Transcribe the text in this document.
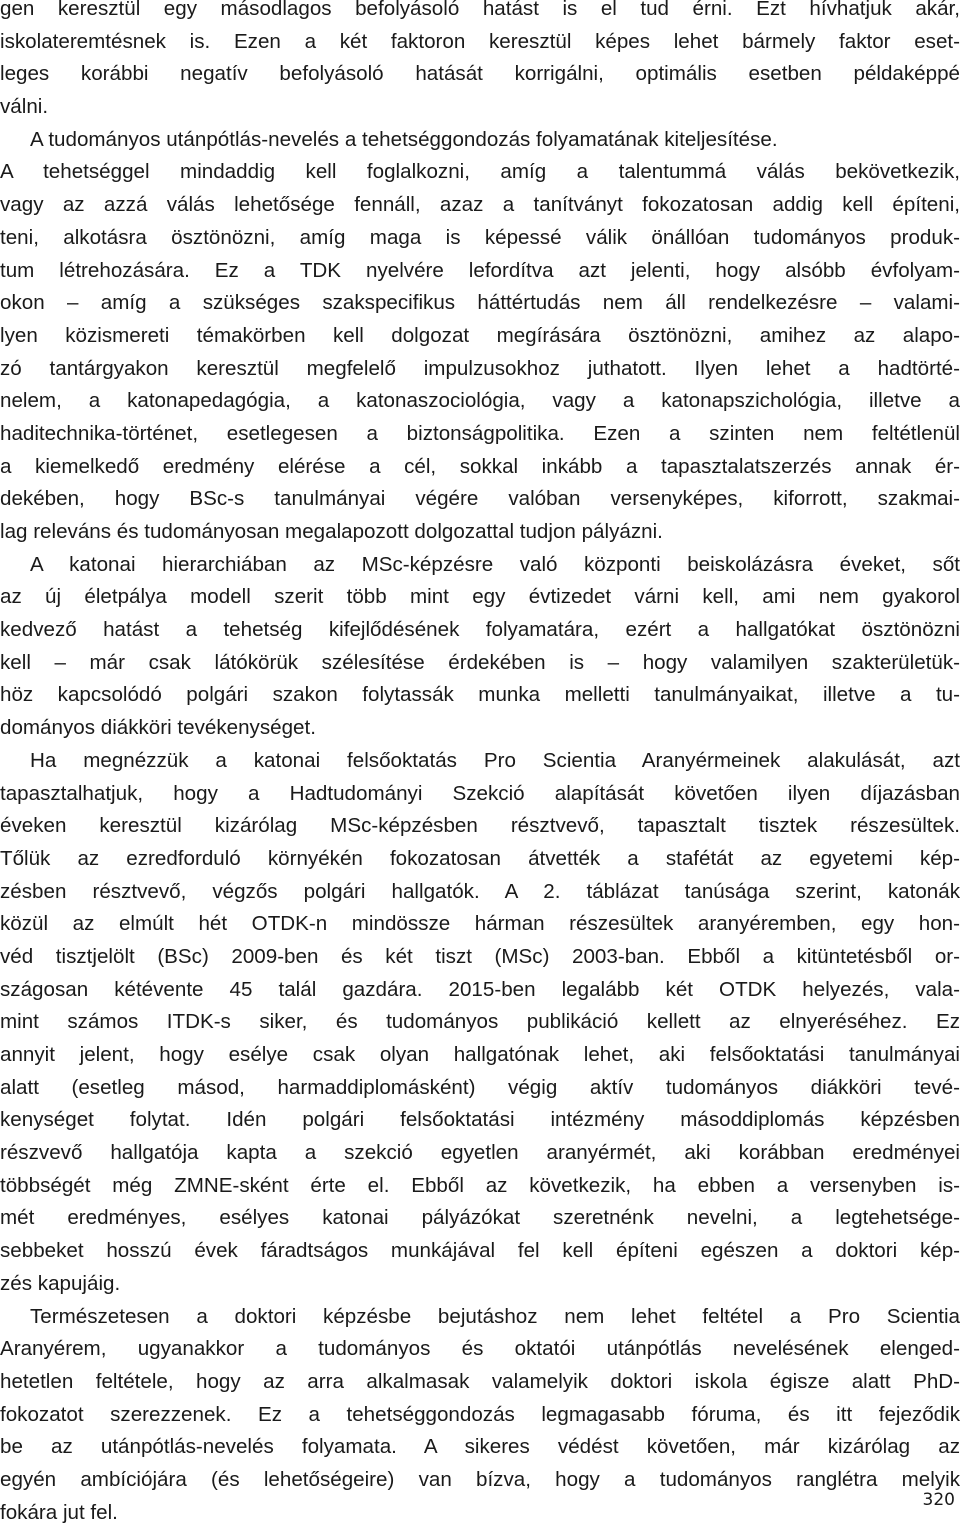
gen keresztül egy másodlagos befolyásoló hatást is el tud érni. Ezt hívhatjuk akár,
iskolateremtésnek is. Ezen a két faktoron keresztül képes lehet bármely faktor eset-
leges korábbi negatív befolyásoló hatását korrigálni, optimális esetben példaképpé
válni.
A tudományos utánpótlás-nevelés a tehetséggondozás folyamatának kiteljesítése.
A tehetséggel mindaddig kell foglalkozni, amíg a talentummá válás bekövetkezik,
vagy az azzá válás lehetősége fennáll, azaz a tanítványt fokozatosan addig kell építeni,
teni, alkotásra ösztönözni, amíg maga is képessé válik önállóan tudományos produk-
tum létrehozására. Ez a TDK nyelvére lefordítva azt jelenti, hogy alsóbb évfolyam-
okon – amíg a szükséges szakspecifikus háttértudás nem áll rendelkezésre – valami-
lyen közismereti témakörben kell dolgozat megírására ösztönözni, amihez az alapo-
zó tantárgyakon keresztül megfelelő impulzusokhoz juthatott. Ilyen lehet a hadtörté-
nelem, a katonapedagógia, a katonaszociológia, vagy a katonapszichológia, illetve a
haditechnika-történet, esetlegesen a biztonságpolitika. Ezen a szinten nem feltétlenül
a kiemelkedő eredmény elérése a cél, sokkal inkább a tapasztalatszerzés annak ér-
dekében, hogy BSc-s tanulmányai végére valóban versenyképes, kiforrott, szakmai-
lag releváns és tudományosan megalapozott dolgozattal tudjon pályázni.
A katonai hierarchiában az MSc-képzésre való központi beiskolázásra éveket, sőt
az új életpálya modell szerit több mint egy évtizedet várni kell, ami nem gyakorol
kedvező hatást a tehetség kifejlődésének folyamatára, ezért a hallgatókat ösztönözni
kell – már csak látókörük szélesítése érdekében is – hogy valamilyen szakterületük-
höz kapcsolódó polgári szakon folytassák munka melletti tanulmányaikat, illetve a tu-
dományos diákköri tevékenységet.
Ha megnézzük a katonai felsőoktatás Pro Scientia Aranyérmeinek alakulását, azt
tapasztalhatjuk, hogy a Hadtudományi Szekció alapítását követően ilyen díjazásban
éveken keresztül kizárólag MSc-képzésben résztvevő, tapasztalt tisztek részesültek.
Tőlük az ezredforduló környékén fokozatosan átvették a stafétát az egyetemi kép-
zésben résztvevő, végzős polgári hallgatók. A 2. táblázat tanúsága szerint, katonák
közül az elmúlt hét OTDK-n mindössze hárman részesültek aranyéremben, egy hon-
véd tisztjelölt (BSc) 2009-ben és két tiszt (MSc) 2003-ban. Ebből a kitüntetésből or-
szágosan kétévente 45 talál gazdára. 2015-ben legalább két OTDK helyezés, vala-
mint számos ITDK-s siker, és tudományos publikáció kellett az elnyeréséhez. Ez
annyit jelent, hogy esélye csak olyan hallgatónak lehet, aki felsőoktatási tanulmányai
alatt (esetleg másod, harmaddiplomásként) végig aktív tudományos diákköri tevé-
kenységet folytat. Idén polgári felsőoktatási intézmény másoddiplomás képzésben
részvevő hallgatója kapta a szekció egyetlen aranyérmét, aki korábban eredményei
többségét még ZMNE-sként érte el. Ebből az következik, ha ebben a versenyben is-
mét eredményes, esélyes katonai pályázókat szeretnénk nevelni, a legtehetsége-
sebbeket hosszú évek fáradtságos munkájával fel kell építeni egészen a doktori kép-
zés kapujáig.
Természetesen a doktori képzésbe bejutáshoz nem lehet feltétel a Pro Scientia
Aranyérem, ugyanakkor a tudományos és oktatói utánpótlás nevelésének elenged-
hetetlen feltétele, hogy az arra alkalmasak valamelyik doktori iskola égisze alatt PhD-
fokozatot szerezzenek. Ez a tehetséggondozás legmagasabb fóruma, és itt fejeződik
be az utánpótlás-nevelés folyamata. A sikeres védést követően, már kizárólag az
egyén ambíciójára (és lehetőségeire) van bízva, hogy a tudományos ranglétra melyik
fokára jut fel.
320
